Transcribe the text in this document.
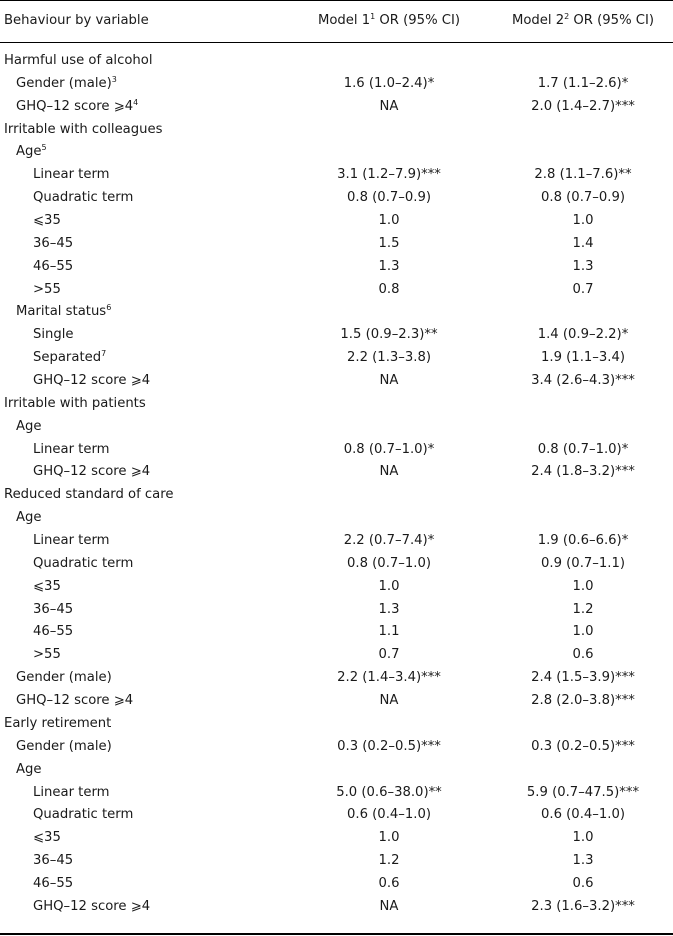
Behaviour by variable	Model $1^1$ OR (95% CI)	Model $2^2$ OR (95% CI)
Harmful use of alcohol
Gender (male)$^3$	1.6 (1.0–2.4)*	1.7 (1.1–2.6)*
GHQ–12 score $⩾4^4$	NA	2.0 (1.4–2.7)***
Irritable with colleagues
Age$^5$
Linear term	3.1 (1.2–7.9)***	2.8 (1.1–7.6)**
Quadratic term	0.8 (0.7–0.9)	0.8 (0.7–0.9)
⩽35	1.0	1.0
36–45	1.5	1.4
46–55	1.3	1.3
>55	0.8	0.7
Marital status$^6$
Single	1.5 (0.9–2.3)**	1.4 (0.9–2.2)*
Separated$^7$	2.2 (1.3–3.8)	1.9 (1.1–3.4)
GHQ–12 score ⩾4	NA	3.4 (2.6–4.3)***
Irritable with patients
Age
Linear term	0.8 (0.7–1.0)*	0.8 (0.7–1.0)*
GHQ–12 score ⩾4	NA	2.4 (1.8–3.2)***
Reduced standard of care
Age
Linear term	2.2 (0.7–7.4)*	1.9 (0.6–6.6)*
Quadratic term	0.8 (0.7–1.0)	0.9 (0.7–1.1)
⩽35	1.0	1.0
36–45	1.3	1.2
46–55	1.1	1.0
>55	0.7	0.6
Gender (male)	2.2 (1.4–3.4)***	2.4 (1.5–3.9)***
GHQ–12 score ⩾4	NA	2.8 (2.0–3.8)***
Early retirement
Gender (male)	0.3 (0.2–0.5)***	0.3 (0.2–0.5)***
Age
Linear term	5.0 (0.6–38.0)**	5.9 (0.7–47.5)***
Quadratic term	0.6 (0.4–1.0)	0.6 (0.4–1.0)
⩽35	1.0	1.0
36–45	1.2	1.3
46–55	0.6	0.6
GHQ–12 score ⩾4	NA	2.3 (1.6–3.2)***
